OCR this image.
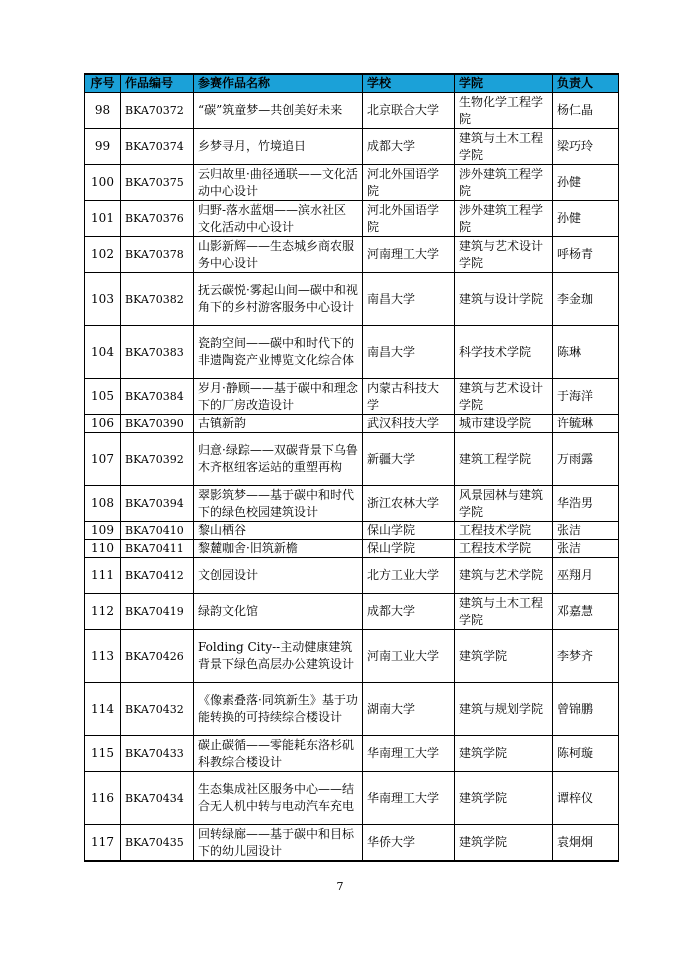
序号	作品编号	参赛作品名称	学校	学院	负责人
98	BKA70372	“碳”筑童梦—共创美好未来	北京联合大学	生物化学工程学院	杨仁晶
99	BKA70374	乡梦寻月，竹境追日	成都大学	建筑与土木工程学院	梁巧玲
100	BKA70375	云归故里·曲径通联——文化活动中心设计	河北外国语学院	涉外建筑工程学院	孙健
101	BKA70376	归野-落水蓝烟——滨水社区文化活动中心设计	河北外国语学院	涉外建筑工程学院	孙健
102	BKA70378	山影新辉——生态城乡商农服务中心设计	河南理工大学	建筑与艺术设计学院	呼杨青
103	BKA70382	抚云碳悦·雾起山间—碳中和视角下的乡村游客服务中心设计	南昌大学	建筑与设计学院	李金珈
104	BKA70383	瓷韵空间——碳中和时代下的非遗陶瓷产业博览文化综合体	南昌大学	科学技术学院	陈琳
105	BKA70384	岁月·静顾——基于碳中和理念下的厂房改造设计	内蒙古科技大学	建筑与艺术设计学院	于海洋
106	BKA70390	古镇新韵	武汉科技大学	城市建设学院	许毓琳
107	BKA70392	归意·绿踪——双碳背景下乌鲁木齐枢纽客运站的重塑再构	新疆大学	建筑工程学院	万雨露
108	BKA70394	翠影筑梦——基于碳中和时代下的绿色校园建筑设计	浙江农林大学	风景园林与建筑学院	华浩男
109	BKA70410	黎山栖谷	保山学院	工程技术学院	张洁
110	BKA70411	黎麓咖舍·旧筑新檐	保山学院	工程技术学院	张洁
111	BKA70412	文创园设计	北方工业大学	建筑与艺术学院	巫翔月
112	BKA70419	绿韵文化馆	成都大学	建筑与土木工程学院	邓嘉慧
113	BKA70426	Folding City--主动健康建筑背景下绿色高层办公建筑设计	河南工业大学	建筑学院	李梦齐
114	BKA70432	《像素叠落·同筑新生》基于功能转换的可持续综合楼设计	湖南大学	建筑与规划学院	曾锦鹏
115	BKA70433	碳止碳循——零能耗东洛杉矶科教综合楼设计	华南理工大学	建筑学院	陈柯璇
116	BKA70434	生态集成社区服务中心——结合无人机中转与电动汽车充电	华南理工大学	建筑学院	谭梓仪
117	BKA70435	回转绿廊——基于碳中和目标下的幼儿园设计	华侨大学	建筑学院	袁炯炯
7
